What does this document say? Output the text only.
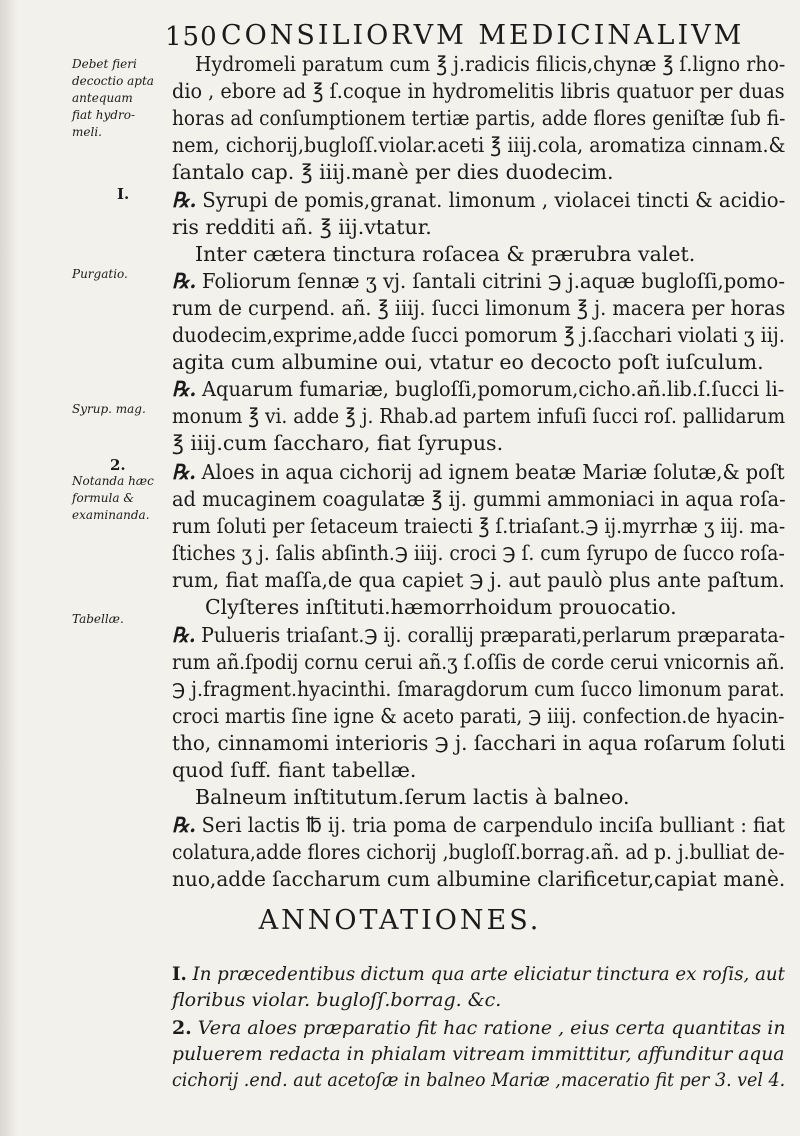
150 CONSILIORVM MEDICINALIVM
Debet fieri
decoctio apta
antequam
fiat hydro-
meli.
Purgatio.
Syrup. mag.
Notanda hæc
formula &
examinanda.
Tabellæ.
I.
2.
Hydromeli paratum cum ℥ j.radicis filicis,chynæ ℥ ſ.ligno rho-
dio , ebore ad ℥ ſ.coque in hydromelitis libris quatuor per duas
horas ad conſumptionem tertiæ partis, adde flores geniſtæ ſub fi-
nem, cichorij,bugloſſ.violar.aceti ℥ iiij.cola, aromatiza cinnam.&
ſantalo cap. ℥ iiij.manè per dies duodecim.
℞. Syrupi de pomis,granat. limonum , violacei tincti & acidio-
ris redditi añ. ℥ iij.vtatur.
Inter cætera tinctura roſacea & prærubra valet.
℞. Foliorum ſennæ ʒ vj. ſantali citrini ℈ j.aquæ bugloſſi,pomo-
rum de curpend. añ. ℥ iiij. ſucci limonum ℥ j. macera per horas
duodecim,exprime,adde ſucci pomorum ℥ j.ſacchari violati ʒ iij.
agita cum albumine oui, vtatur eo decocto poſt iuſculum.
℞. Aquarum fumariæ, bugloſſi,pomorum,cicho.añ.lib.ſ.ſucci li-
monum ℥ vi. adde ℥ j. Rhab.ad partem infuſi ſucci roſ. pallidarum
℥ iiij.cum ſaccharo, fiat ſyrupus.
℞. Aloes in aqua cichorij ad ignem beatæ Mariæ ſolutæ,& poſt
ad mucaginem coagulatæ ℥ ij. gummi ammoniaci in aqua roſa-
rum ſoluti per ſetaceum traiecti ℥ ſ.triaſant.℈ ij.myrrhæ ʒ iij. ma-
ſtiches ʒ j. ſalis abſinth.℈ iiij. croci ℈ ſ. cum ſyrupo de ſucco roſa-
rum, fiat maſſa,de qua capiet ℈ j. aut paulò plus ante paſtum.
Clyſteres inſtituti.hæmorrhoidum prouocatio.
℞. Pulueris triaſant.℈ ij. corallij præparati,perlarum præparata-
rum añ.ſpodij cornu cerui añ.ʒ ſ.oſſis de corde cerui vnicornis añ.
℈ j.fragment.hyacinthi. ſmaragdorum cum ſucco limonum parat.
croci martis ſine igne & aceto parati, ℈ iiij. confection.de hyacin-
tho, cinnamomi interioris ℈ j. ſacchari in aqua roſarum ſoluti
quod ſuff. fiant tabellæ.
Balneum inſtitutum.ſerum lactis à balneo.
℞. Seri lactis ℔ ij. tria poma de carpendulo inciſa bulliant : fiat
colatura,adde flores cichorij ,bugloſſ.borrag.añ. ad p. j.bulliat de-
nuo,adde ſaccharum cum albumine clarificetur,capiat manè.
ANNOTATIONES.
I. In præcedentibus dictum qua arte eliciatur tinctura ex roſis, aut
floribus violar. bugloſſ.borrag. &c.
2. Vera aloes præparatio fit hac ratione , eius certa quantitas in
puluerem redacta in phialam vitream immittitur, affunditur aqua
cichorij .end. aut acetoſæ in balneo Mariæ ,maceratio fit per 3. vel 4.
